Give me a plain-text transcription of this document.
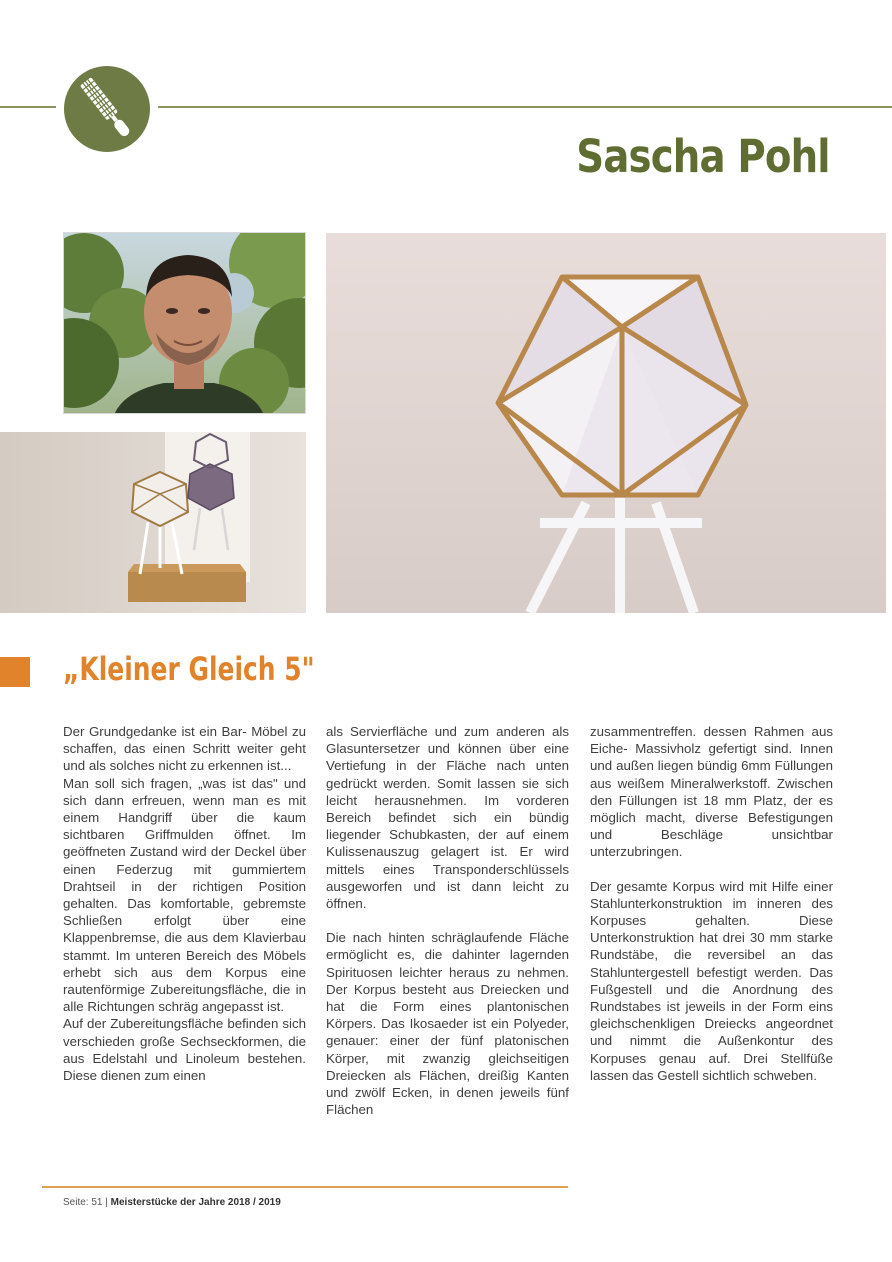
Sascha Pohl
„Kleiner Gleich 5"

Der Grundgedanke ist ein Bar- Möbel zu schaffen, das einen Schritt weiter geht und als solches nicht zu erkennen ist...

Man soll sich fragen, „was ist das" und sich dann erfreuen, wenn man es mit einem Handgriff über die kaum sichtbaren Griffmulden öffnet. Im geöffneten Zustand wird der Deckel über einen Federzug mit gummiertem Drahtseil in der richtigen Position gehalten. Das komfortable, gebremste Schließen erfolgt über eine Klappenbremse, die aus dem Klavierbau stammt. Im unteren Bereich des Möbels erhebt sich aus dem Korpus eine rautenförmige Zubereitungsfläche, die in alle Richtungen schräg angepasst ist.

Auf der Zubereitungsfläche befinden sich verschieden große Sechseckformen, die aus Edelstahl und Linoleum bestehen. Diese dienen zum einen

als Servierfläche und zum anderen als Glasuntersetzer und können über eine Vertiefung in der Fläche nach unten gedrückt werden. Somit lassen sie sich leicht herausnehmen. Im vorderen Bereich befindet sich ein bündig liegender Schubkasten, der auf einem Kulissenauszug gelagert ist. Er wird mittels eines Transponderschlüssels ausgeworfen und ist dann leicht zu öffnen.

Die nach hinten schräglaufende Fläche ermöglicht es, die dahinter lagernden Spirituosen leichter heraus zu nehmen. Der Korpus besteht aus Dreiecken und hat die Form eines plantonischen Körpers. Das Ikosaeder ist ein Polyeder, genauer: einer der fünf platonischen Körper, mit zwanzig gleichseitigen Dreiecken als Flächen, dreißig Kanten und zwölf Ecken, in denen jeweils fünf Flächen

zusammentreffen. dessen Rahmen aus Eiche- Massivholz gefertigt sind. Innen und außen liegen bündig 6mm Füllungen aus weißem Mineralwerkstoff. Zwischen den Füllungen ist 18 mm Platz, der es möglich macht, diverse Befestigungen und Beschläge unsichtbar unterzubringen.

Der gesamte Korpus wird mit Hilfe einer Stahlunterkonstruktion im inneren des Korpuses gehalten. Diese Unterkonstruktion hat drei 30 mm starke Rundstäbe, die reversibel an das Stahluntergestell befestigt werden. Das Fußgestell und die Anordnung des Rundstabes ist jeweils in der Form eins gleichschenkligen Dreiecks angeordnet und nimmt die Außenkontur des Korpuses genau auf. Drei Stellfüße lassen das Gestell sichtlich schweben.

Seite: 51 | Meisterstücke der Jahre 2018 / 2019
